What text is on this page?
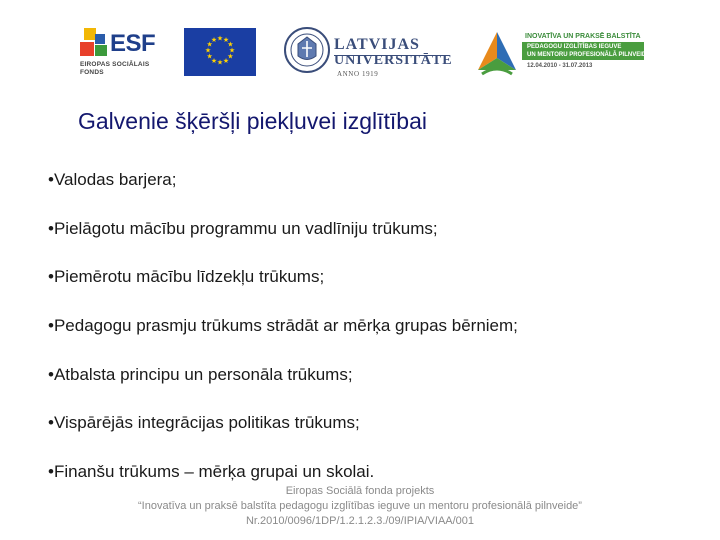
ESF
EIROPAS SOCIĀLAIS
FONDS
★ ★
★
★
★
★
★
★
★
★
★
★	LATVIJAS
UNIVERSITĀTE
ANNO 1919
INOVATĪVA UN PRAKSĒ BALSTĪTA
PEDAGOGU IZGLĪTĪBAS IEGUVE
UN MENTORU PROFESIONĀLĀ PILNVEIDE
12.04.2010 - 31.07.2013
Galvenie šķēršļi piekļuvei izglītībai
•Valodas barjera;
•Pielāgotu mācību programmu un vadlīniju trūkums;
•Piemērotu mācību līdzekļu trūkums;
•Pedagogu prasmju trūkums strādāt ar mērķa grupas bērniem;
•Atbalsta principu un personāla trūkums;
•Vispārējās integrācijas politikas trūkums;
•Finanšu trūkums – mērķa grupai un skolai.
Eiropas Sociālā fonda projekts
“Inovatīva un praksē balstīta pedagogu izglītības ieguve un mentoru profesionālā pilnveide”
Nr.2010/0096/1DP/1.2.1.2.3./09/IPIA/VIAA/001
